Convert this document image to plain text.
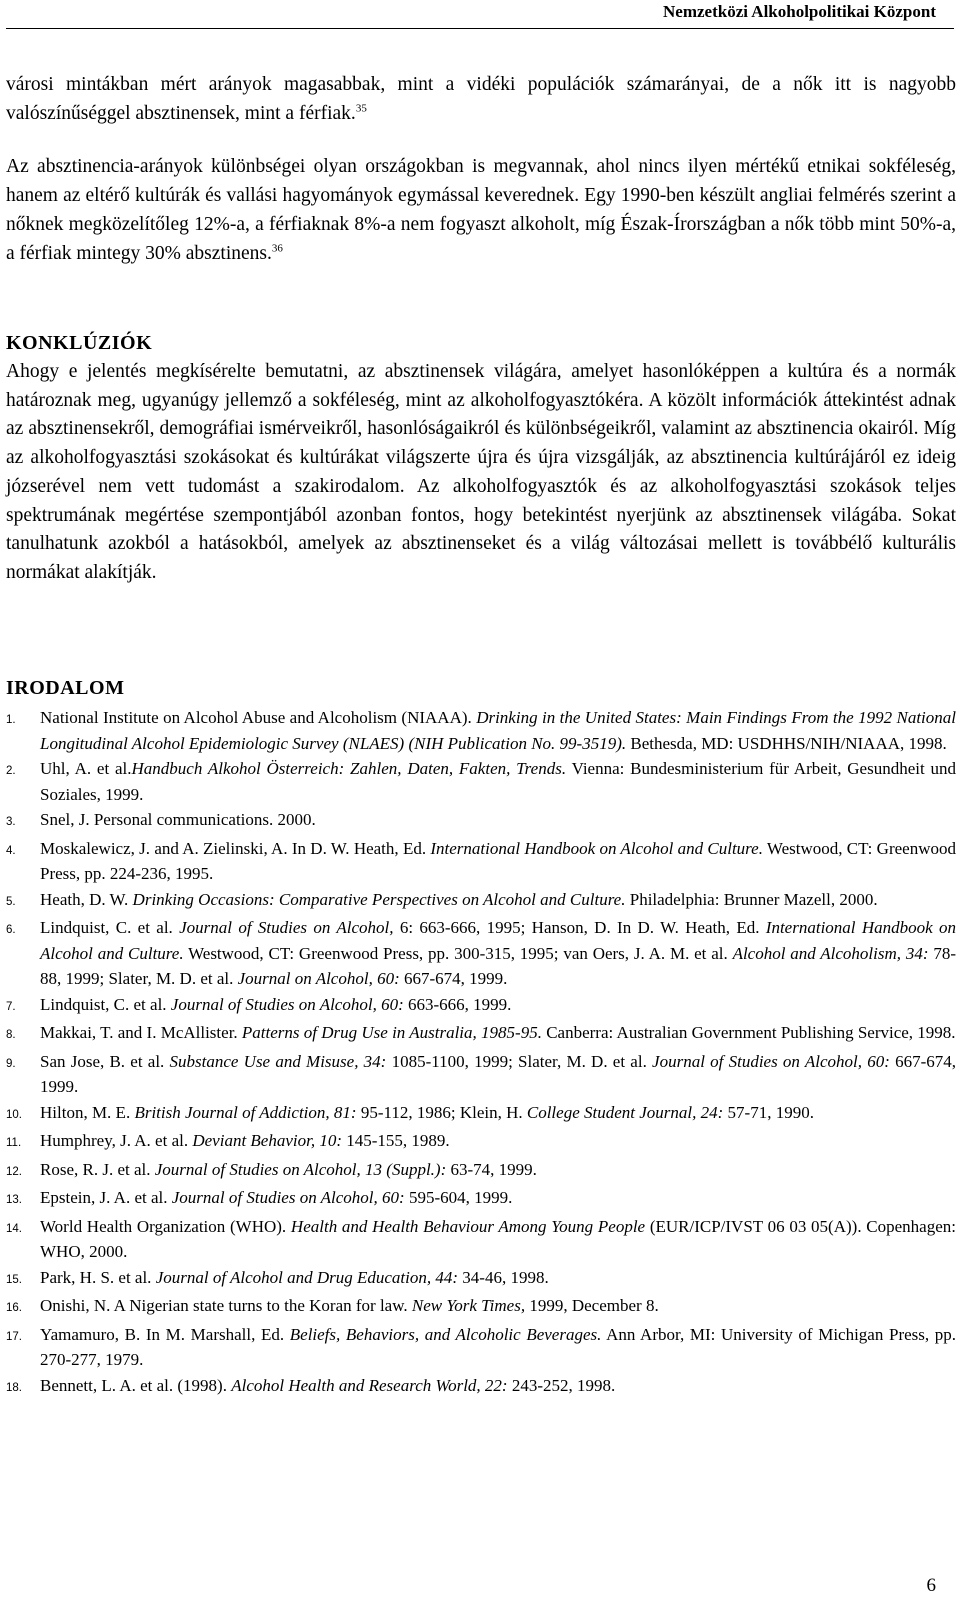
Nemzetközi Alkoholpolitikai Központ
városi mintákban mért arányok magasabbak, mint a vidéki populációk számarányai, de a nők itt is nagyobb valószínűséggel absztinensek, mint a férfiak.$^{35}$
Az absztinencia-arányok különbségei olyan országokban is megvannak, ahol nincs ilyen mértékű etnikai sokféleség, hanem az eltérő kultúrák és vallási hagyományok egymással keverednek. Egy 1990-ben készült angliai felmérés szerint a nőknek megközelítőleg 12%-a, a férfiaknak 8%-a nem fogyaszt alkoholt, míg Észak-Írországban a nők több mint 50%-a, a férfiak mintegy 30% absztinens.$^{36}$
KONKLÚZIÓK
Ahogy e jelentés megkísérelte bemutatni, az absztinensek világára, amelyet hasonlóképpen a kultúra és a normák határoznak meg, ugyanúgy jellemző a sokféleség, mint az alkoholfogyasztókéra. A közölt információk áttekintést adnak az absztinensekről, demográfiai ismérveikről, hasonlóságaikról és különbségeikről, valamint az absztinencia okairól. Míg az alkoholfogyasztási szokásokat és kultúrákat világszerte újra és újra vizsgálják, az absztinencia kultúrájáról ez ideig józserével nem vett tudomást a szakirodalom. Az alkoholfogyasztók és az alkoholfogyasztási szokások teljes spektrumának megértése szempontjából azonban fontos, hogy betekintést nyerjünk az absztinensek világába. Sokat tanulhatunk azokból a hatásokból, amelyek az absztinenseket és a világ változásai mellett is továbbélő kulturális normákat alakítják.
IRODALOM
1.	National Institute on Alcohol Abuse and Alcoholism (NIAAA). Drinking in the United States: Main Findings From the 1992 National Longitudinal Alcohol Epidemiologic Survey (NLAES) (NIH Publication No. 99-3519). Bethesda, MD: USDHHS/NIH/NIAAA, 1998.
2.	Uhl, A. et al.Handbuch Alkohol Österreich: Zahlen, Daten, Fakten, Trends. Vienna: Bundesministerium für Arbeit, Gesundheit und Soziales, 1999.
3.	Snel, J. Personal communications. 2000.
4.	Moskalewicz, J. and A. Zielinski, A. In D. W. Heath, Ed. International Handbook on Alcohol and Culture. Westwood, CT: Greenwood Press, pp. 224-236, 1995.
5.	Heath, D. W. Drinking Occasions: Comparative Perspectives on Alcohol and Culture. Philadelphia: Brunner Mazell, 2000.
6.	Lindquist, C. et al. Journal of Studies on Alcohol, 6: 663-666, 1995; Hanson, D. In D. W. Heath, Ed. International Handbook on Alcohol and Culture. Westwood, CT: Greenwood Press, pp. 300-315, 1995; van Oers, J. A. M. et al. Alcohol and Alcoholism, 34: 78-88, 1999; Slater, M. D. et al. Journal on Alcohol, 60: 667-674, 1999.
7.	Lindquist, C. et al. Journal of Studies on Alcohol, 60: 663-666, 1999.
8.	Makkai, T. and I. McAllister. Patterns of Drug Use in Australia, 1985-95. Canberra: Australian Government Publishing Service, 1998.
9.	San Jose, B. et al. Substance Use and Misuse, 34: 1085-1100, 1999; Slater, M. D. et al. Journal of Studies on Alcohol, 60: 667-674, 1999.
10.	Hilton, M. E. British Journal of Addiction, 81: 95-112, 1986; Klein, H. College Student Journal, 24: 57-71, 1990.
11.	Humphrey, J. A. et al. Deviant Behavior, 10: 145-155, 1989.
12.	Rose, R. J. et al. Journal of Studies on Alcohol, 13 (Suppl.): 63-74, 1999.
13.	Epstein, J. A. et al. Journal of Studies on Alcohol, 60: 595-604, 1999.
14.	World Health Organization (WHO). Health and Health Behaviour Among Young People (EUR/ICP/IVST 06 03 05(A)). Copenhagen: WHO, 2000.
15.	Park, H. S. et al. Journal of Alcohol and Drug Education, 44: 34-46, 1998.
16.	Onishi, N. A Nigerian state turns to the Koran for law. New York Times, 1999, December 8.
17.	Yamamuro, B. In M. Marshall, Ed. Beliefs, Behaviors, and Alcoholic Beverages. Ann Arbor, MI: University of Michigan Press, pp. 270-277, 1979.
18.	Bennett, L. A. et al. (1998). Alcohol Health and Research World, 22: 243-252, 1998.
6
